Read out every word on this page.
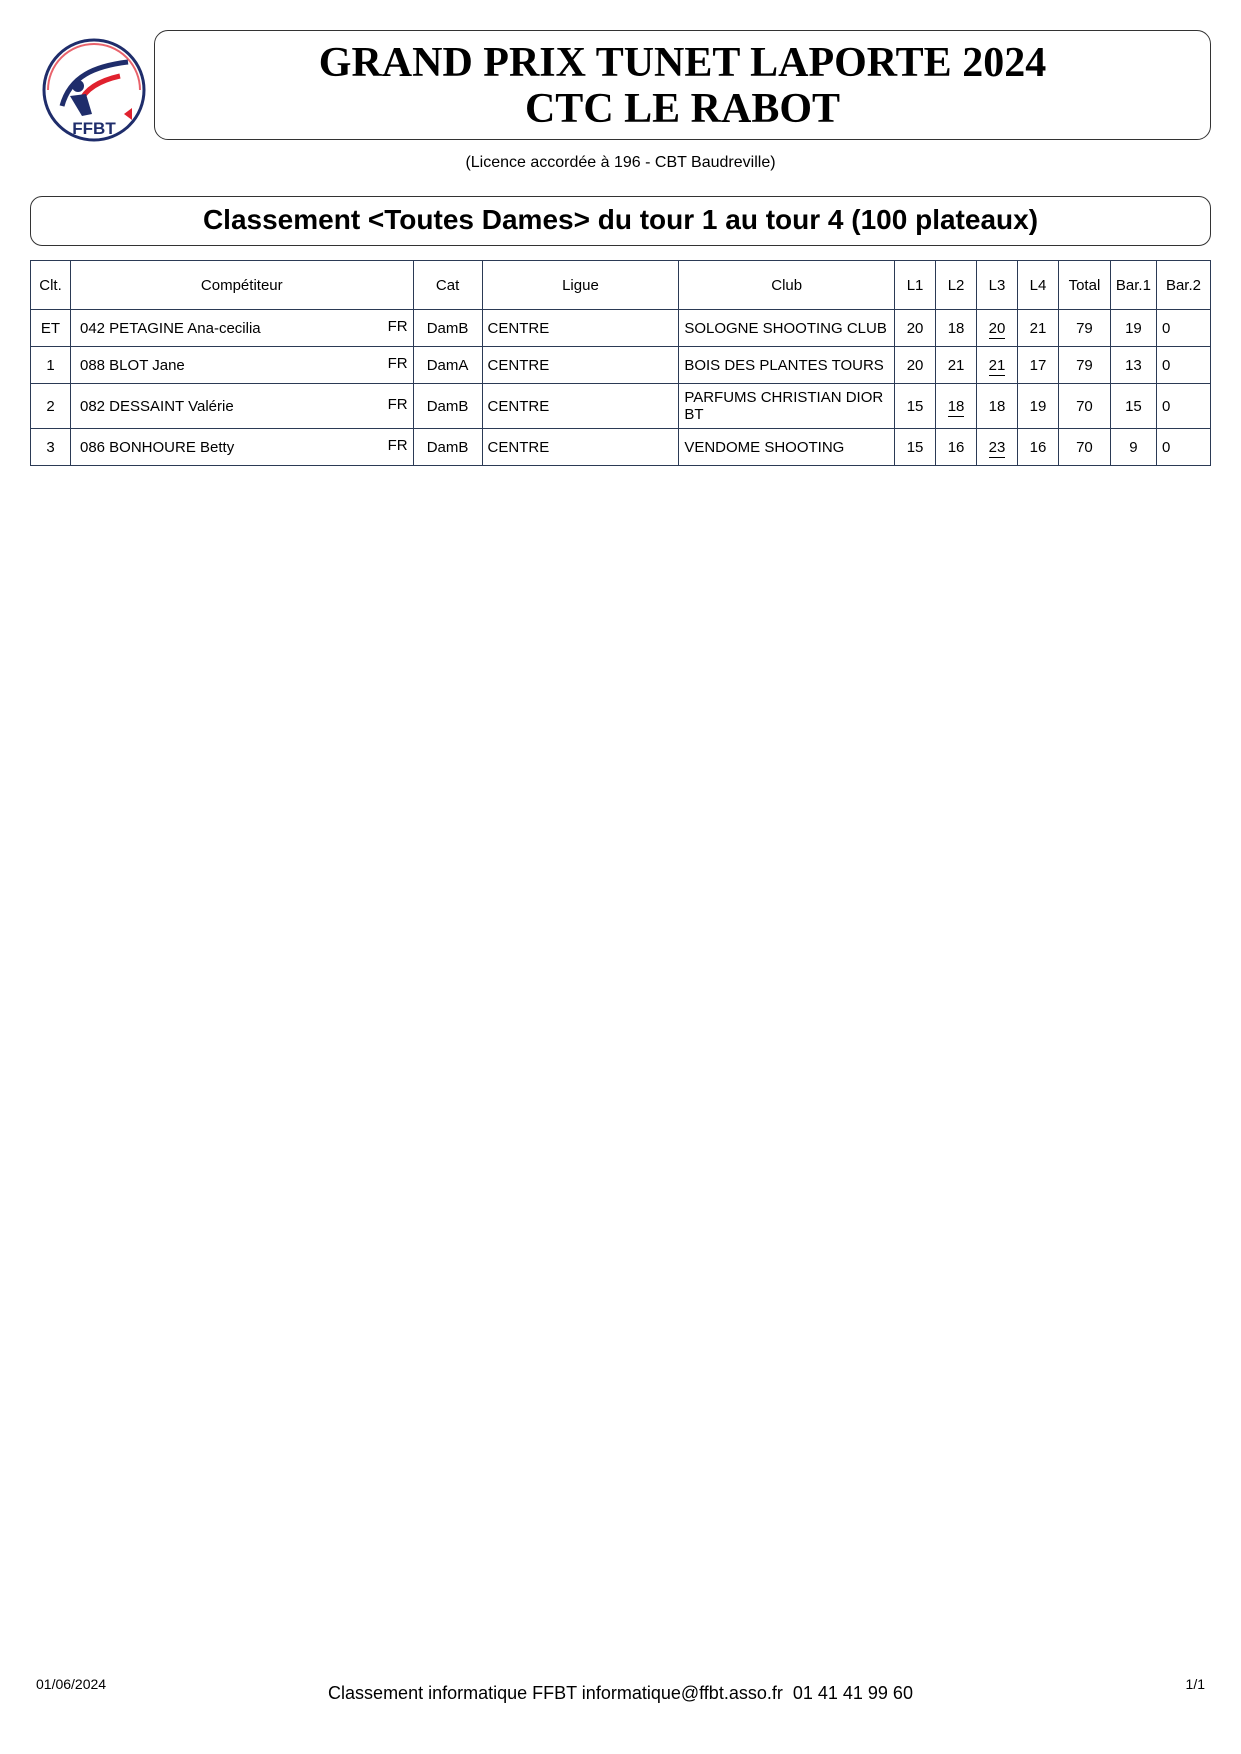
FFBT
GRAND PRIX TUNET LAPORTE 2024
CTC LE RABOT
(Licence accordée à 196 - CBT Baudreville)
Classement <Toutes Dames> du tour 1 au tour 4 (100 plateaux)
Clt.	Compétiteur	Cat	Ligue	Club	L1	L2	L3	L4	Total	Bar.1	Bar.2
ET	042 PETAGINE Ana-cecilia FR	DamB	CENTRE	SOLOGNE SHOOTING CLUB	20	18	20	21	79	19	0
1	088 BLOT Jane FR	DamA	CENTRE	BOIS DES PLANTES TOURS	20	21	21	17	79	13	0
2	082 DESSAINT Valérie FR	DamB	CENTRE	PARFUMS CHRISTIAN DIOR BT	15	18	18	19	70	15	0
3	086 BONHOURE Betty FR	DamB	CENTRE	VENDOME SHOOTING	15	16	23	16	70	9	0
01/06/2024	Classement informatique FFBT informatique@ffbt.asso.fr  01 41 41 99 60	1/1
